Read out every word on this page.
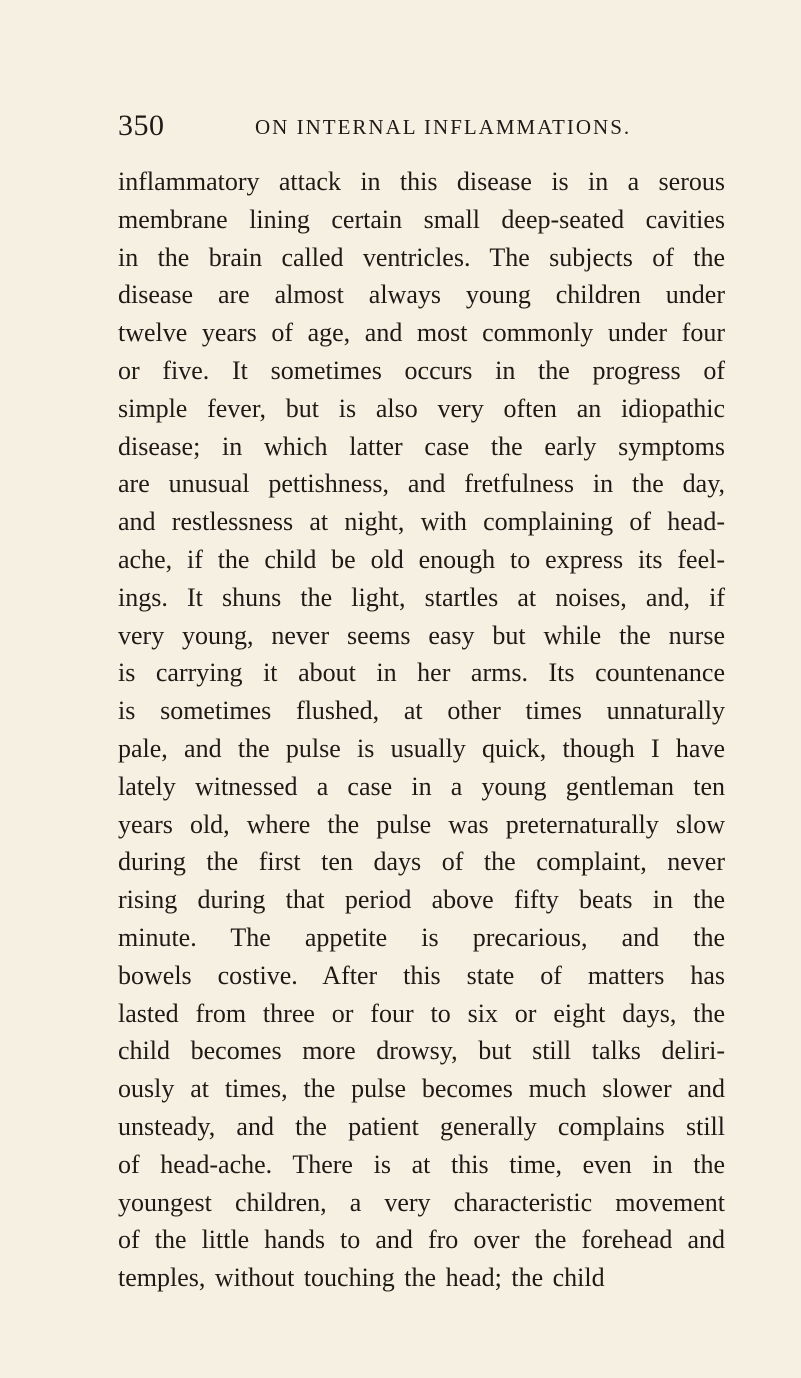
350	ON INTERNAL INFLAMMATIONS.
inflammatory attack in this disease is in a serous
membrane lining certain small deep-seated cavities
in the brain called ventricles. The subjects of the
disease are almost always young children under
twelve years of age, and most commonly under four
or five. It sometimes occurs in the progress of
simple fever, but is also very often an idiopathic
disease; in which latter case the early symptoms
are unusual pettishness, and fretfulness in the day,
and restlessness at night, with complaining of head-
ache, if the child be old enough to express its feel-
ings. It shuns the light, startles at noises, and, if
very young, never seems easy but while the nurse
is carrying it about in her arms. Its countenance
is sometimes flushed, at other times unnaturally
pale, and the pulse is usually quick, though I have
lately witnessed a case in a young gentleman ten
years old, where the pulse was preternaturally slow
during the first ten days of the complaint, never
rising during that period above fifty beats in the
minute. The appetite is precarious, and the
bowels costive. After this state of matters has
lasted from three or four to six or eight days, the
child becomes more drowsy, but still talks deliri-
ously at times, the pulse becomes much slower and
unsteady, and the patient generally complains still
of head-ache. There is at this time, even in the
youngest children, a very characteristic movement
of the little hands to and fro over the forehead and
temples, without touching the head; the child
